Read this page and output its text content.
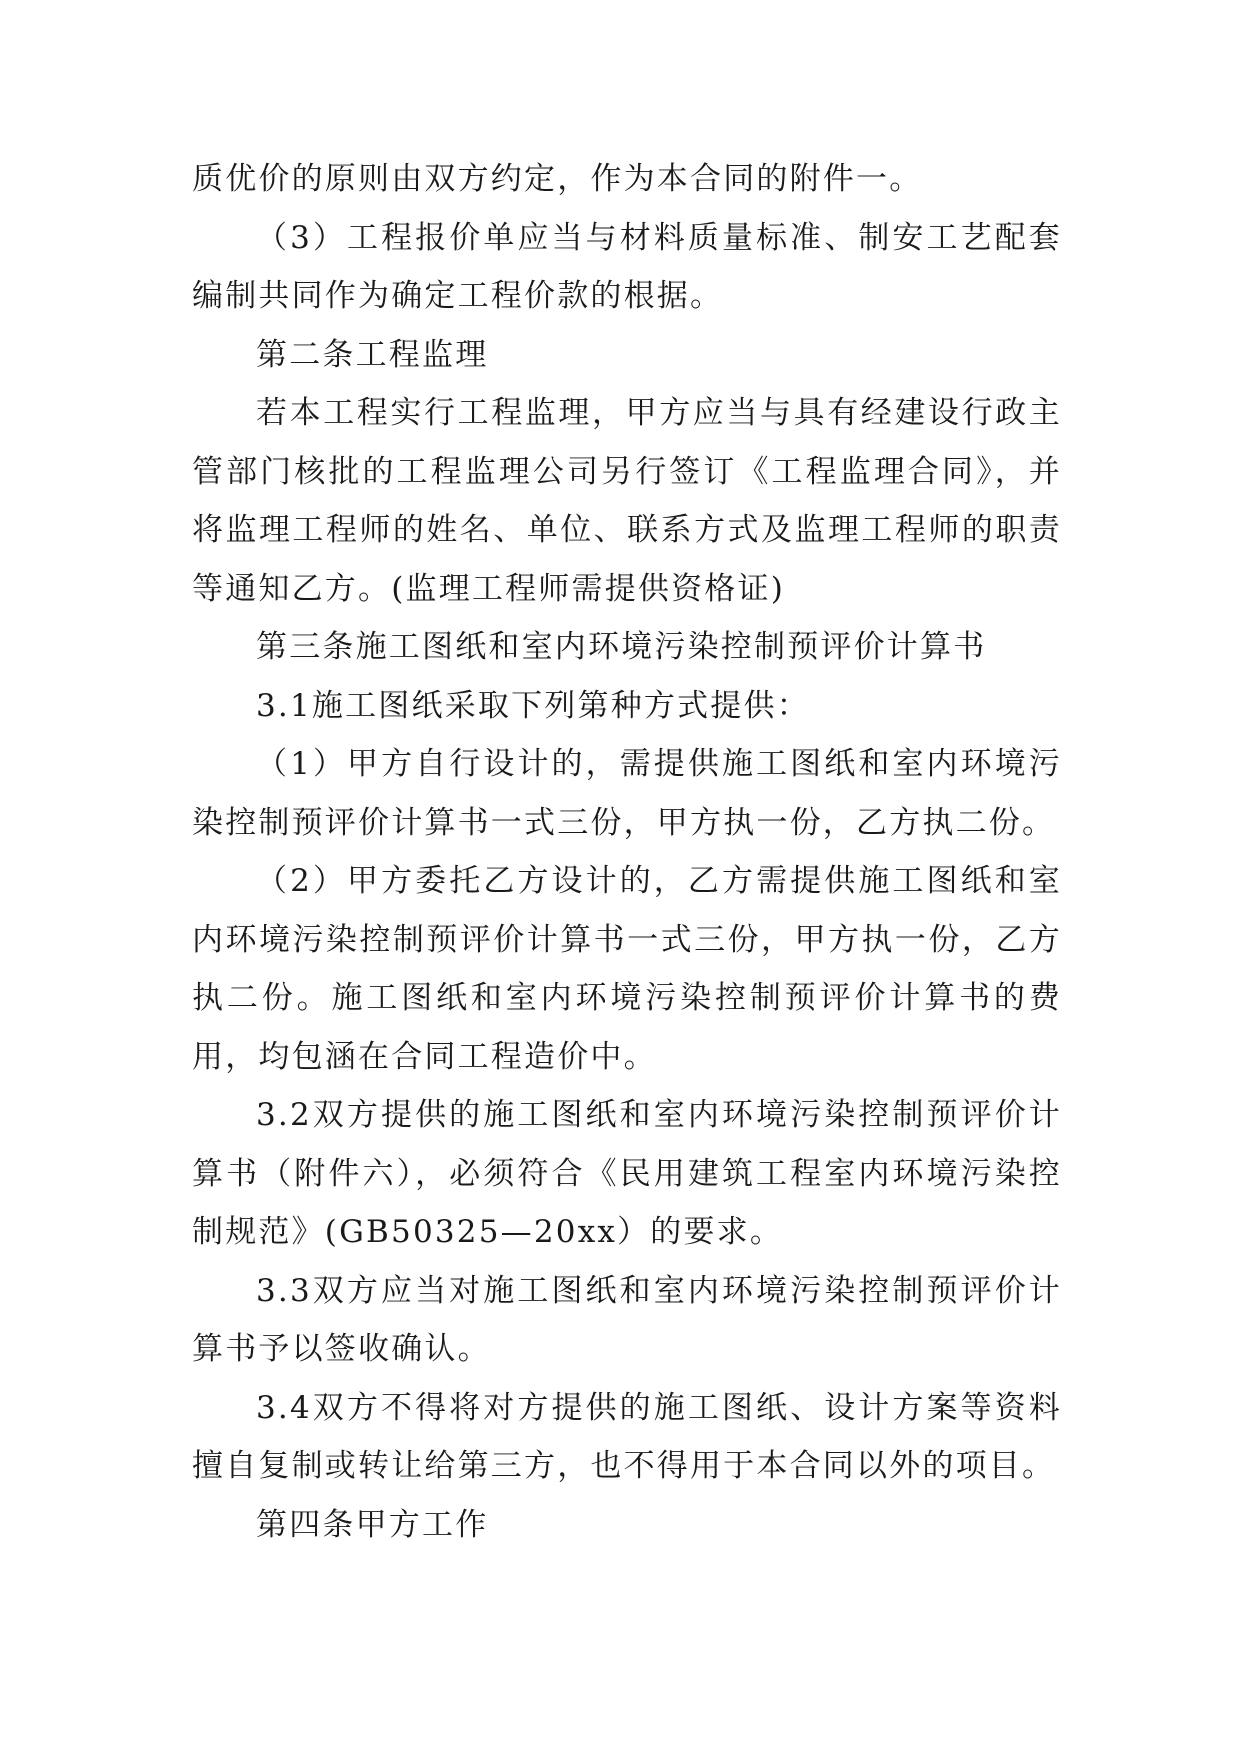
质优价的原则由双方约定，作为本合同的附件一。

（3）工程报价单应当与材料质量标准、制安工艺配套编制共同作为确定工程价款的根据。

第二条工程监理

若本工程实行工程监理，甲方应当与具有经建设行政主管部门核批的工程监理公司另行签订《工程监理合同》，并将监理工程师的姓名、单位、联系方式及监理工程师的职责等通知乙方。(监理工程师需提供资格证)

第三条施工图纸和室内环境污染控制预评价计算书

3.1施工图纸采取下列第种方式提供：

（1）甲方自行设计的，需提供施工图纸和室内环境污染控制预评价计算书一式三份，甲方执一份，乙方执二份。

（2）甲方委托乙方设计的，乙方需提供施工图纸和室内环境污染控制预评价计算书一式三份，甲方执一份，乙方执二份。施工图纸和室内环境污染控制预评价计算书的费用，均包涵在合同工程造价中。

3.2双方提供的施工图纸和室内环境污染控制预评价计算书（附件六），必须符合《民用建筑工程室内环境污染控制规范》(GB50325—20xx）的要求。

3.3双方应当对施工图纸和室内环境污染控制预评价计算书予以签收确认。

3.4双方不得将对方提供的施工图纸、设计方案等资料擅自复制或转让给第三方，也不得用于本合同以外的项目。

第四条甲方工作
